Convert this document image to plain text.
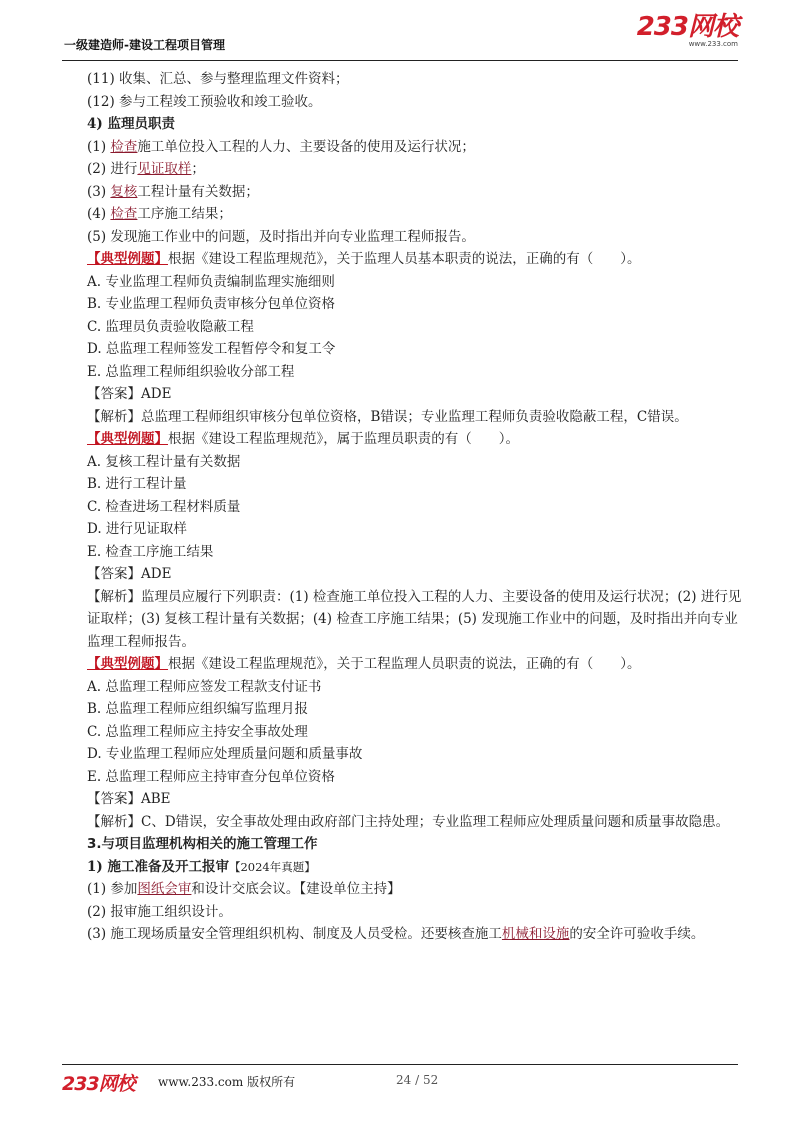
一级建造师-建设工程项目管理
233网校
www.233.com
(11) 收集、汇总、参与整理监理文件资料；
(12) 参与工程竣工预验收和竣工验收。
4) 监理员职责
(1) 检查施工单位投入工程的人力、主要设备的使用及运行状况；
(2) 进行见证取样；
(3) 复核工程计量有关数据；
(4) 检查工序施工结果；
(5) 发现施工作业中的问题，及时指出并向专业监理工程师报告。
【典型例题】根据《建设工程监理规范》，关于监理人员基本职责的说法，正确的有（　　）。
A. 专业监理工程师负责编制监理实施细则
B. 专业监理工程师负责审核分包单位资格
C. 监理员负责验收隐蔽工程
D. 总监理工程师签发工程暂停令和复工令
E. 总监理工程师组织验收分部工程
【答案】ADE
【解析】总监理工程师组织审核分包单位资格，B错误；专业监理工程师负责验收隐蔽工程，C错误。
【典型例题】根据《建设工程监理规范》，属于监理员职责的有（　　）。
A. 复核工程计量有关数据
B. 进行工程计量
C. 检查进场工程材料质量
D. 进行见证取样
E. 检查工序施工结果
【答案】ADE
【解析】监理员应履行下列职责：(1) 检查施工单位投入工程的人力、主要设备的使用及运行状况；(2) 进行见证取样；(3) 复核工程计量有关数据；(4) 检查工序施工结果；(5) 发现施工作业中的问题，及时指出并向专业监理工程师报告。
【典型例题】根据《建设工程监理规范》，关于工程监理人员职责的说法，正确的有（　　）。
A. 总监理工程师应签发工程款支付证书
B. 总监理工程师应组织编写监理月报
C. 总监理工程师应主持安全事故处理
D. 专业监理工程师应处理质量问题和质量事故
E. 总监理工程师应主持审查分包单位资格
【答案】ABE
【解析】C、D错误，安全事故处理由政府部门主持处理；专业监理工程师应处理质量问题和质量事故隐患。
3.与项目监理机构相关的施工管理工作
1) 施工准备及开工报审【2024年真题】
(1) 参加图纸会审和设计交底会议。【建设单位主持】
(2) 报审施工组织设计。
(3) 施工现场质量安全管理组织机构、制度及人员受检。还要核查施工机械和设施的安全许可验收手续。
233网校 www.233.com 版权所有	24 / 52
